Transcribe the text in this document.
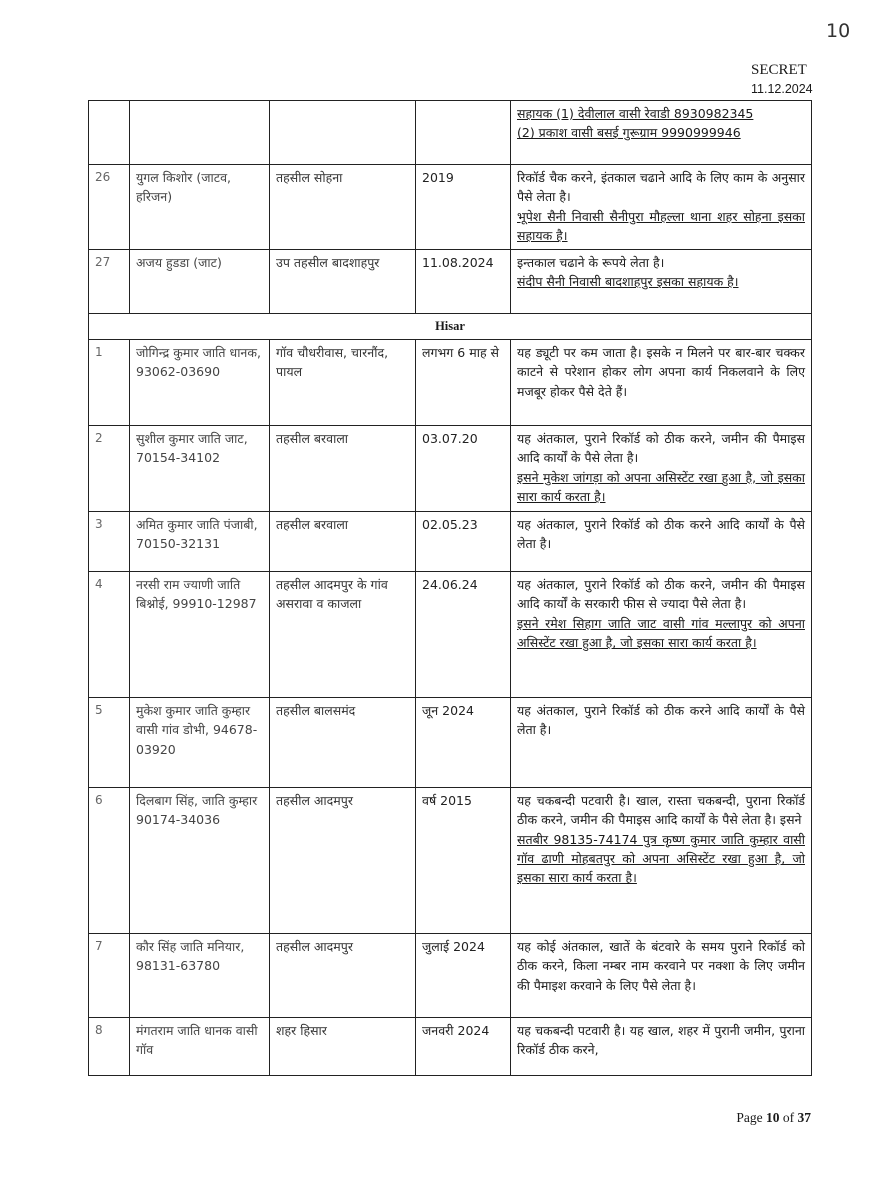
10
SECRET
11.12.2024

				सहायक (1) देवीलाल वासी रेवाडी 8930982345
(2) प्रकाश वासी बसई गुरूग्राम 9990999946

26	युगल किशोर (जाटव, हरिजन)	तहसील सोहना	2019	रिकॉर्ड चैक करने, इंतकाल चढाने आदि के लिए काम के अनुसार पैसे लेता है।
भूपेश सैनी निवासी सैनीपुरा मौहल्ला थाना शहर सोहना इसका सहायक है।

27	अजय हुडडा (जाट)	उप तहसील बादशाहपुर	11.08.2024	इन्तकाल चढाने के रूपये लेता है।
संदीप सैनी निवासी बादशाहपुर इसका सहायक है।

Hisar				
1	जोगिन्द्र कुमार जाति धानक, 93062-03690	गॉव चौधरीवास, चारनौंद, पायल	लगभग 6 माह से	यह ड्यूटी पर कम जाता है। इसके न मिलने पर बार-बार चक्कर काटने से परेशान होकर लोग अपना कार्य निकलवाने के लिए मजबूर होकर पैसे देते हैं।

2	सुशील कुमार जाति जाट, 70154-34102	तहसील बरवाला	03.07.20	यह अंतकाल, पुराने रिकॉर्ड को ठीक करने, जमीन की पैमाइस आदि कार्यों के पैसे लेता है।
इसने मुकेश जांगड़ा को अपना असिस्टेंट रखा हुआ है, जो इसका सारा कार्य करता है।

3	अमित कुमार जाति पंजाबी, 70150-32131	तहसील बरवाला	02.05.23	यह अंतकाल, पुराने रिकॉर्ड को ठीक करने आदि कार्यों के पैसे लेता है।

4	नरसी राम ज्याणी जाति बिश्नोई, 99910-12987	तहसील आदमपुर के गांव असरावा व काजला	24.06.24	यह अंतकाल, पुराने रिकॉर्ड को ठीक करने, जमीन की पैमाइस आदि कार्यों के सरकारी फीस से ज्यादा पैसे लेता है।
इसने रमेश सिहाग जाति जाट वासी गांव मल्लापुर को अपना असिस्टेंट रखा हुआ है, जो इसका सारा कार्य करता है।

5	मुकेश कुमार जाति कुम्हार वासी गांव डोभी, 94678-03920	तहसील बालसमंद	जून 2024	यह अंतकाल, पुराने रिकॉर्ड को ठीक करने आदि कार्यों के पैसे लेता है।

6	दिलबाग सिंह, जाति कुम्हार 90174-34036	तहसील आदमपुर	वर्ष 2015	यह चकबन्दी पटवारी है। खाल, रास्ता चकबन्दी, पुराना रिकॉर्ड ठीक करने, जमीन की पैमाइस आदि कार्यों के पैसे लेता है। इसने
सतबीर 98135-74174 पुत्र कृष्ण कुमार जाति कुम्हार वासी गॉव ढाणी मोहबतपुर को अपना असिस्टेंट रखा हुआ है, जो इसका सारा कार्य करता है।

7	कौर सिंह जाति मनियार, 98131-63780	तहसील आदमपुर	जुलाई 2024	यह कोई अंतकाल, खातें के बंटवारे के समय पुराने रिकॉर्ड को ठीक करने, किला नम्बर नाम करवाने पर नक्शा के लिए जमीन की पैमाइश करवाने के लिए पैसे लेता है।

8	मंगतराम जाति धानक वासी गॉव	शहर हिसार	जनवरी 2024	यह चकबन्दी पटवारी है। यह खाल, शहर में पुरानी जमीन, पुराना रिकॉर्ड ठीक करने,
Page 10 of 37
